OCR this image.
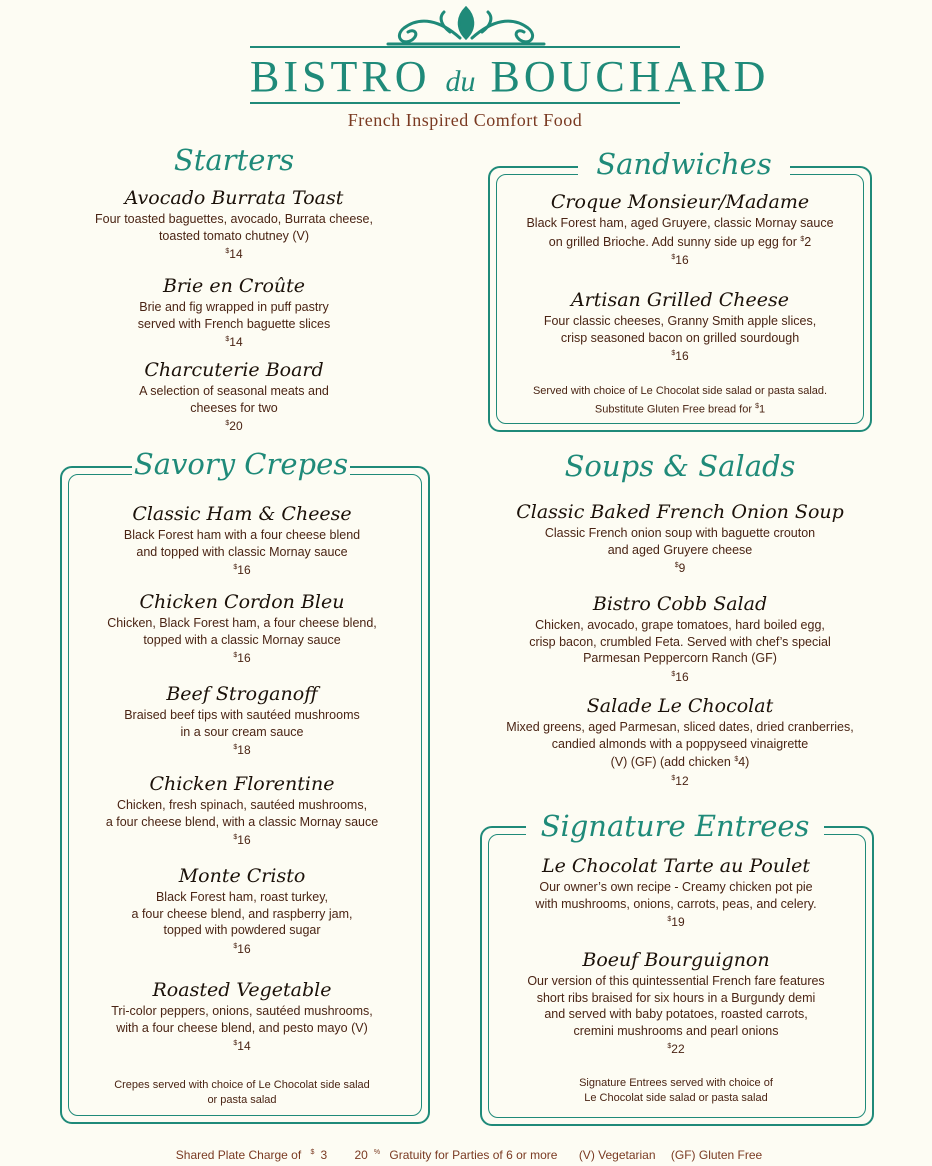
BISTRO du BOUCHARD
French Inspired Comfort Food
Starters
Avocado Burrata Toast
Four toasted baguettes, avocado, Burrata cheese,
toasted tomato chutney (V)
$14
Brie en Croûte
Brie and fig wrapped in puff pastry
served with French baguette slices
$14
Charcuterie Board
A selection of seasonal meats and
cheeses for two
$20
Sandwiches
Croque Monsieur/Madame
Black Forest ham, aged Gruyere, classic Mornay sauce
on grilled Brioche. Add sunny side up egg for $2
$16
Artisan Grilled Cheese
Four classic cheeses, Granny Smith apple slices,
crisp seasoned bacon on grilled sourdough
$16
Served with choice of Le Chocolat side salad or pasta salad.
Substitute Gluten Free bread for $1
Savory Crepes
Classic Ham & Cheese
Black Forest ham with a four cheese blend
and topped with classic Mornay sauce
$16
Chicken Cordon Bleu
Chicken, Black Forest ham, a four cheese blend,
topped with a classic Mornay sauce
$16
Beef Stroganoff
Braised beef tips with sautéed mushrooms
in a sour cream sauce
$18
Chicken Florentine
Chicken, fresh spinach, sautéed mushrooms,
a four cheese blend, with a classic Mornay sauce
$16
Monte Cristo
Black Forest ham, roast turkey,
a four cheese blend, and raspberry jam,
topped with powdered sugar
$16
Roasted Vegetable
Tri-color peppers, onions, sautéed mushrooms,
with a four cheese blend, and pesto mayo (V)
$14
Crepes served with choice of Le Chocolat side salad
or pasta salad
Soups & Salads
Classic Baked French Onion Soup
Classic French onion soup with baguette crouton
and aged Gruyere cheese
$9
Bistro Cobb Salad
Chicken, avocado, grape tomatoes, hard boiled egg,
crisp bacon, crumbled Feta. Served with chef’s special
Parmesan Peppercorn Ranch (GF)
$16
Salade Le Chocolat
Mixed greens, aged Parmesan, sliced dates, dried cranberries,
candied almonds with a poppyseed vinaigrette
(V) (GF) (add chicken $4)
$12
Signature Entrees
Le Chocolat Tarte au Poulet
Our owner’s own recipe - Creamy chicken pot pie
with mushrooms, onions, carrots, peas, and celery.
$19
Boeuf Bourguignon
Our version of this quintessential French fare features
short ribs braised for six hours in a Burgundy demi
and served with baby potatoes, roasted carrots,
cremini mushrooms and pearl onions
$22
Signature Entrees served with choice of
Le Chocolat side salad or pasta salad
Shared Plate Charge of $ 3 20 % Gratuity for Parties of 6 or more (V) Vegetarian (GF) Gluten Free
